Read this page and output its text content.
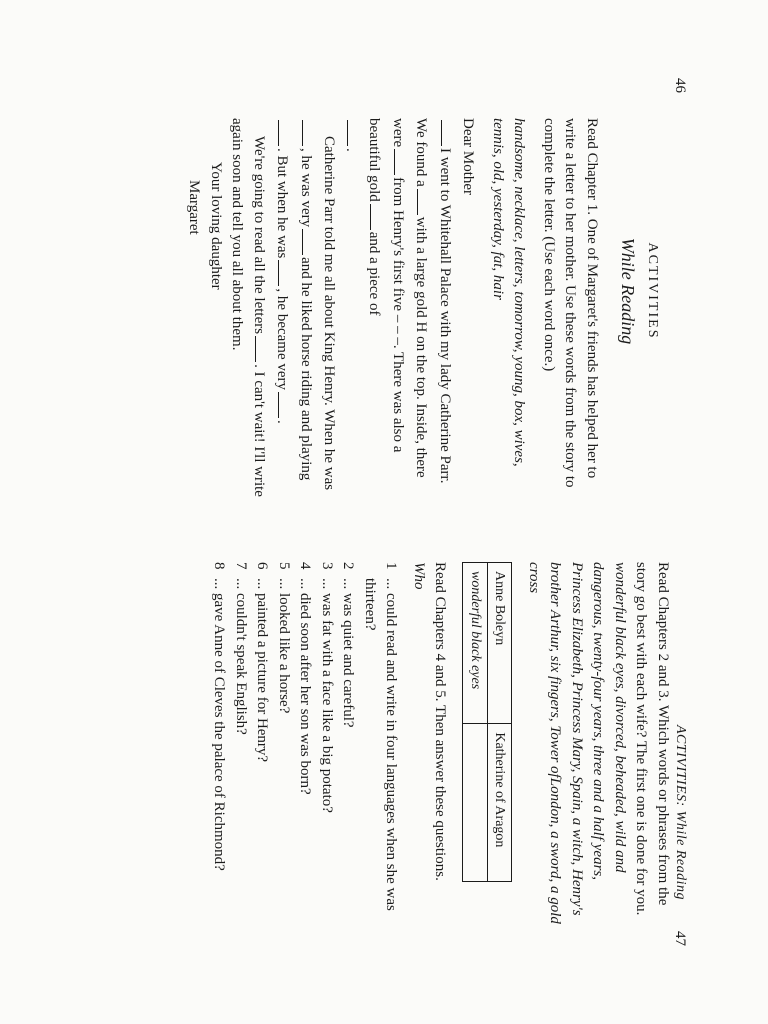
46
ACTIVITIES
While Reading

Read Chapter 1. One of Margaret's friends has helped her to write a letter to her mother. Use these words from the story to complete the letter. (Use each word once.)

handsome, necklace, letters, tomorrow, young, box, wives, tennis, old, yesterday, fat, hair

Dear Mother

I went to Whitehall Palace with my lady Catherine Parr. We found awith a large gold H on the top. Inside, there werefrom Henry's first five – – –. There was also a beautiful goldand a piece of

.

Catherine Parr told me all about King Henry. When he was, he was veryand he liked horse riding and playing. But when he was, he became very.

We're going to read all the letters. I can't wait! I'll write again soon and tell you all about them.

Your loving daughter

Margaret

ACTIVITIES: While Reading
47

Read Chapters 2 and 3. Which words or phrases from the story go best with each wife? The first one is done for you.

wonderful black eyes, divorced, beheaded, wild and dangerous, twenty-four years, three and a half years, Princess Elizabeth, Princess Mary, Spain, a witch, Henry's brother Arthur, six fingers, Tower ofLondon, a sword, a gold cross

Anne Boleyn	Katherine of Aragon
wonderful black eyes	

Read Chapters 4 and 5. Then answer these questions.

Who

1
... could read and write in four languages when she was thirteen?
2
... was quiet and careful?
3
... was fat with a face like a big potato?
4
... died soon after her son was born?
5
... looked like a horse?
6
... painted a picture for Henry?
7
... couldn't speak English?
8
... gave Anne of Cleves the palace of Richmond?
